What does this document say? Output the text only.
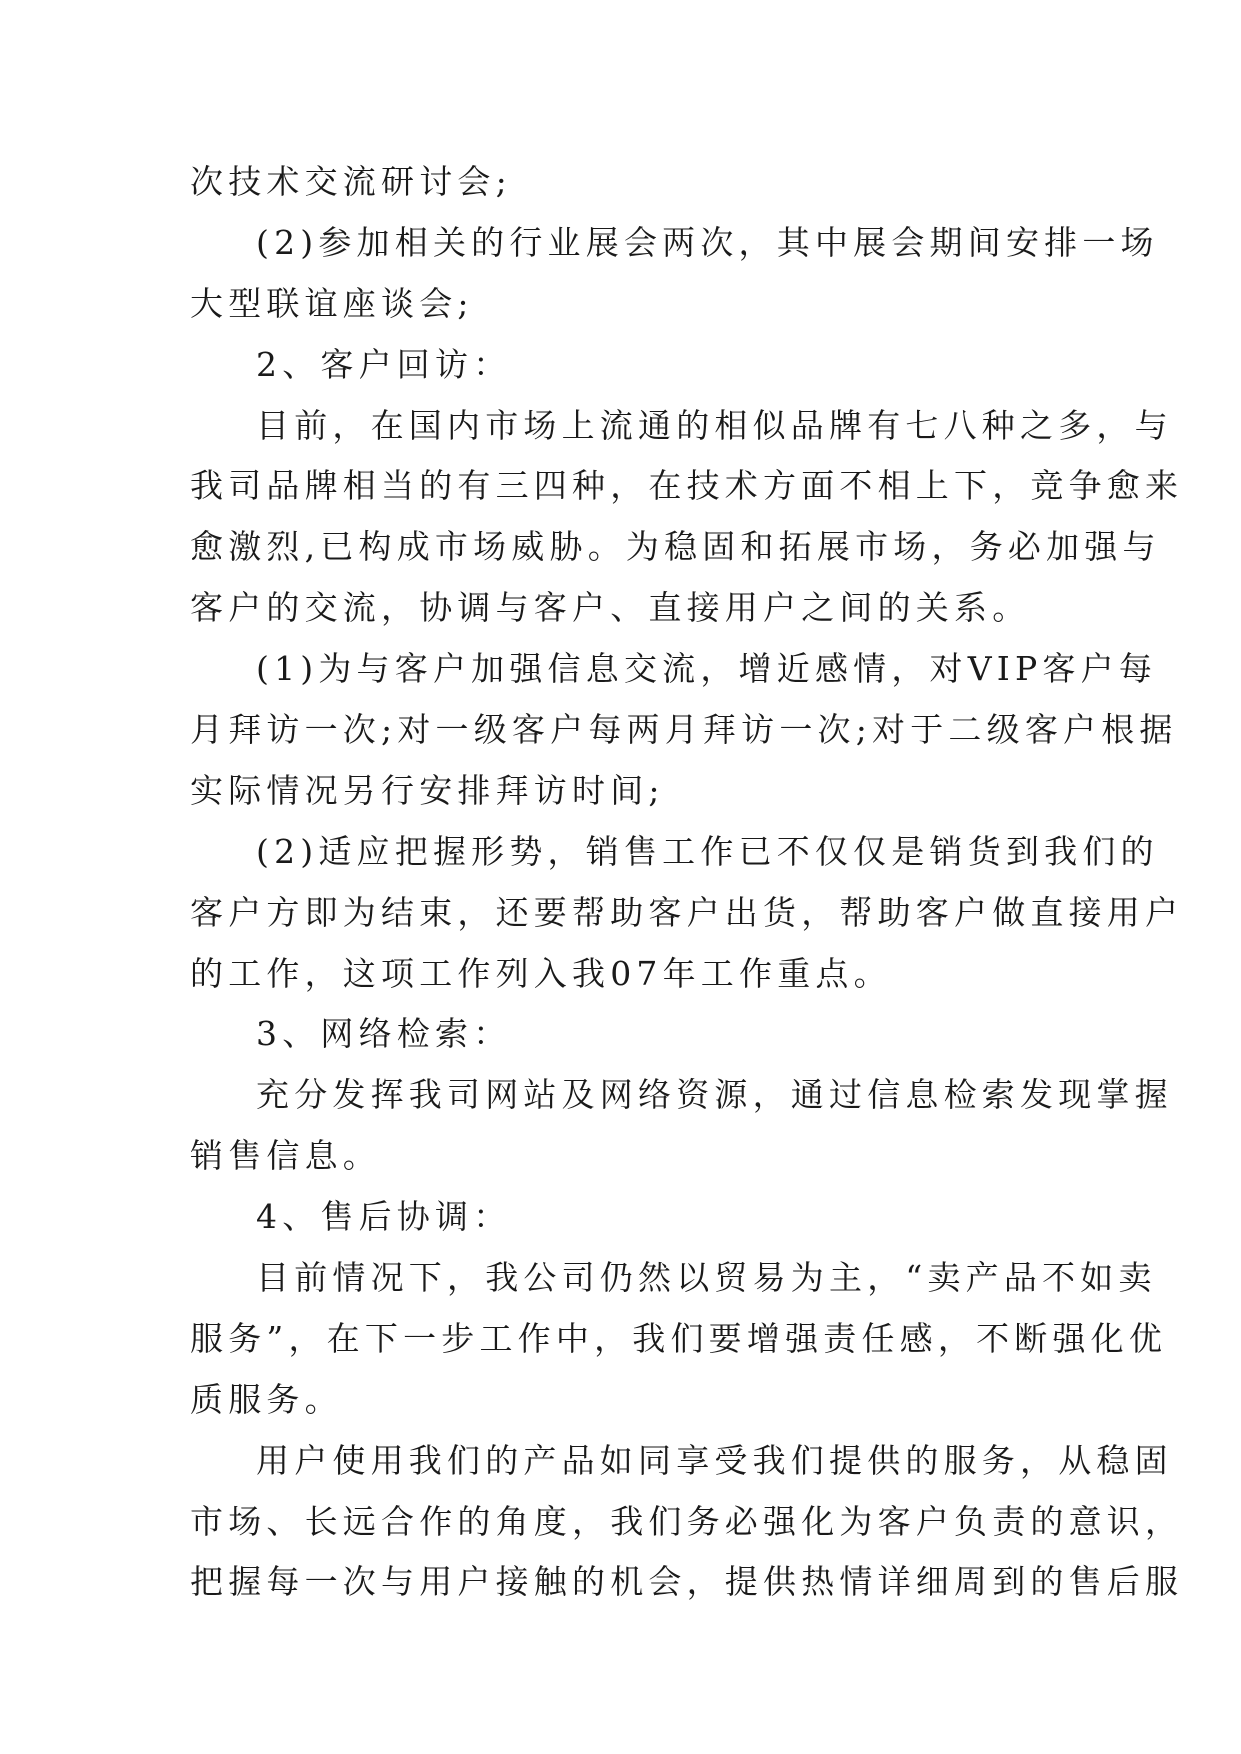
次技术交流研讨会;
(2)参加相关的行业展会两次，其中展会期间安排一场
大型联谊座谈会;
2、客户回访：
目前，在国内市场上流通的相似品牌有七八种之多，与
我司品牌相当的有三四种，在技术方面不相上下，竞争愈来
愈激烈,已构成市场威胁。为稳固和拓展市场，务必加强与
客户的交流，协调与客户、直接用户之间的关系。
(1)为与客户加强信息交流，增近感情，对VIP客户每
月拜访一次;对一级客户每两月拜访一次;对于二级客户根据
实际情况另行安排拜访时间;
(2)适应把握形势，销售工作已不仅仅是销货到我们的
客户方即为结束，还要帮助客户出货，帮助客户做直接用户
的工作，这项工作列入我07年工作重点。
3、网络检索：
充分发挥我司网站及网络资源，通过信息检索发现掌握
销售信息。
4、售后协调：
目前情况下，我公司仍然以贸易为主，“卖产品不如卖
服务”，在下一步工作中，我们要增强责任感，不断强化优
质服务。
用户使用我们的产品如同享受我们提供的服务，从稳固
市场、长远合作的角度，我们务必强化为客户负责的意识，
把握每一次与用户接触的机会，提供热情详细周到的售后服
